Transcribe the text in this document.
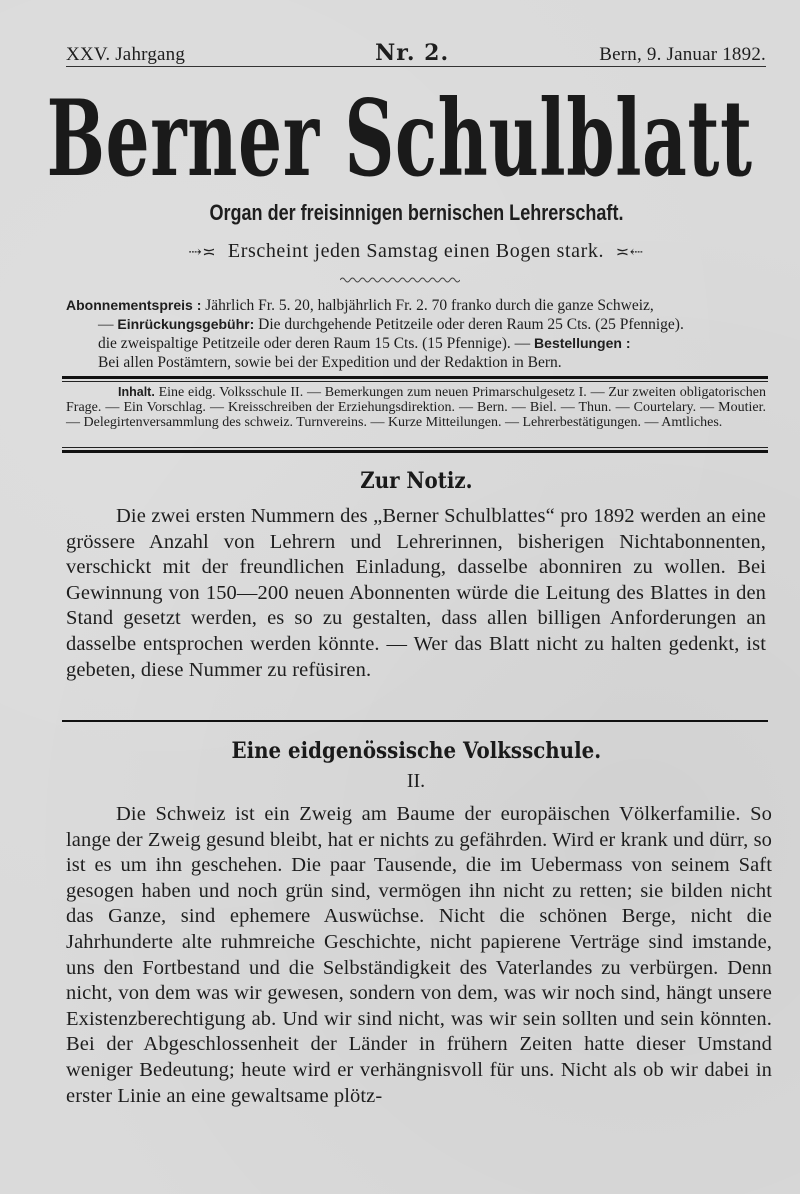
XXV. Jahrgang	Nr. 2.	Bern, 9. Januar 1892.
Berner Schulblatt
Organ der freisinnigen bernischen Lehrerschaft.
⇢≍ Erscheint jeden Samstag einen Bogen stark. ≍⇠
Abonnementspreis : Jährlich Fr. 5. 20, halbjährlich Fr. 2. 70 franko durch die ganze Schweiz,
— Einrückungsgebühr: Die durchgehende Petitzeile oder deren Raum 25 Cts. (25 Pfennige).
die zweispaltige Petitzeile oder deren Raum 15 Cts. (15 Pfennige). — Bestellungen :
Bei allen Postämtern, sowie bei der Expedition und der Redaktion in Bern.
Inhalt. Eine eidg. Volksschule II. — Bemerkungen zum neuen Primarschulgesetz I. — Zur zweiten obligatorischen Frage. — Ein Vorschlag. — Kreisschreiben der Erziehungsdirektion. — Bern. — Biel. — Thun. — Courtelary. — Moutier. — Delegirtenversammlung des schweiz. Turnvereins. — Kurze Mitteilungen. — Lehrerbestätigungen. — Amtliches.
Zur Notiz.
Die zwei ersten Nummern des „Berner Schulblattes“ pro 1892 werden an eine grössere Anzahl von Lehrern und Lehrerinnen, bisherigen Nichtabonnenten, verschickt mit der freundlichen Einladung, dasselbe abonniren zu wollen. Bei Gewinnung von 150—200 neuen Abonnenten würde die Leitung des Blattes in den Stand gesetzt werden, es so zu gestalten, dass allen billigen Anforderungen an dasselbe entsprochen werden könnte. — Wer das Blatt nicht zu halten gedenkt, ist gebeten, diese Nummer zu refüsiren.
Eine eidgenössische Volksschule.
II.
Die Schweiz ist ein Zweig am Baume der europäischen Völkerfamilie. So lange der Zweig gesund bleibt, hat er nichts zu gefährden. Wird er krank und dürr, so ist es um ihn geschehen. Die paar Tausende, die im Uebermass von seinem Saft gesogen haben und noch grün sind, vermögen ihn nicht zu retten; sie bilden nicht das Ganze, sind ephemere Auswüchse. Nicht die schönen Berge, nicht die Jahrhunderte alte ruhmreiche Geschichte, nicht papierene Verträge sind imstande, uns den Fortbestand und die Selbständigkeit des Vaterlandes zu verbürgen. Denn nicht, von dem was wir gewesen, sondern von dem, was wir noch sind, hängt unsere Existenzberechtigung ab. Und wir sind nicht, was wir sein sollten und sein könnten. Bei der Abgeschlossenheit der Länder in frühern Zeiten hatte dieser Umstand weniger Bedeutung; heute wird er verhängnisvoll für uns. Nicht als ob wir dabei in erster Linie an eine gewaltsame plötz-
